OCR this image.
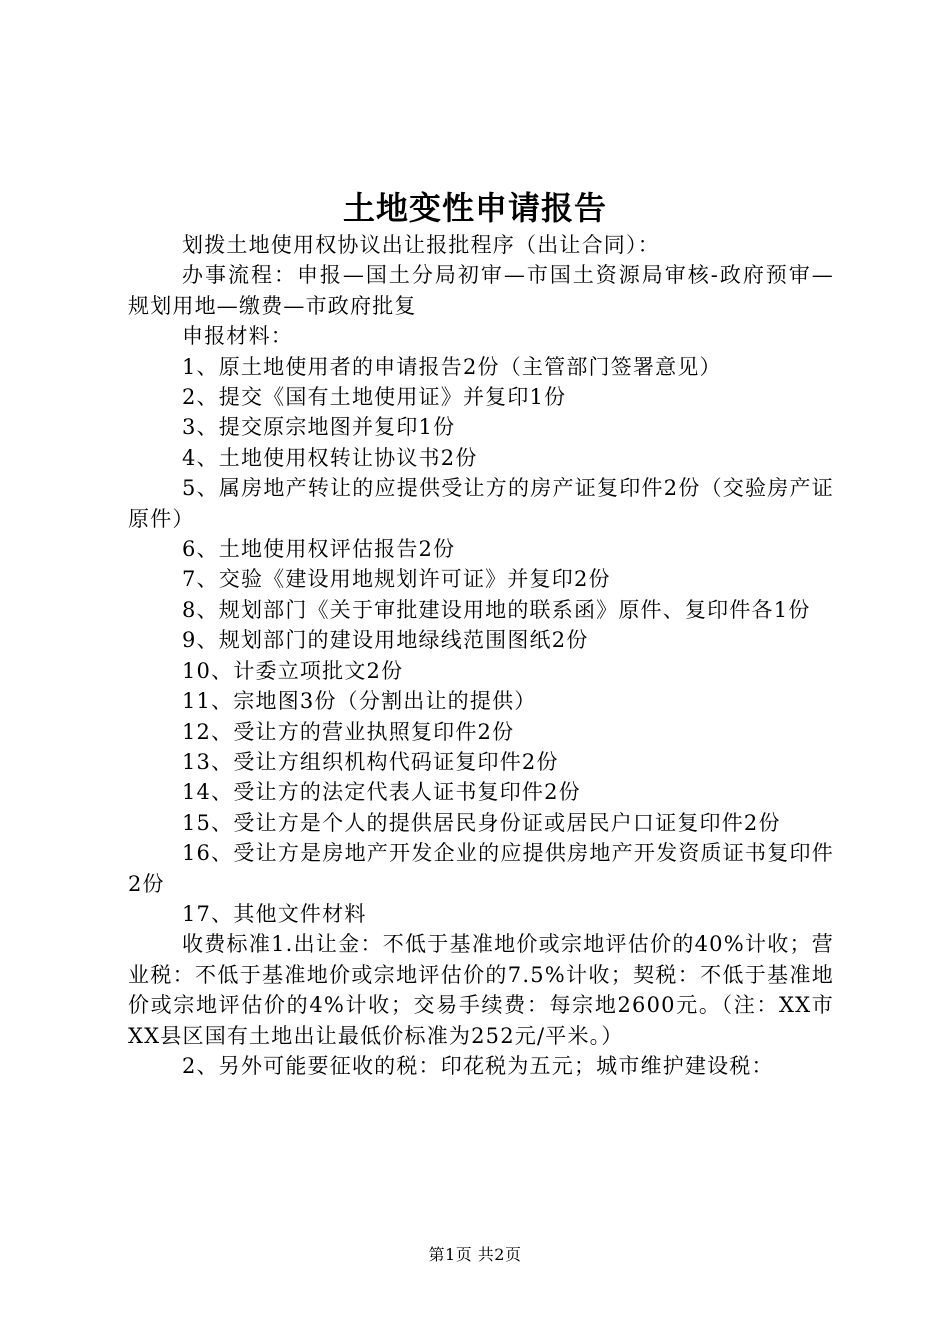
土地变性申请报告

划拨土地使用权协议出让报批程序（出让合同）：

办事流程：申报—国土分局初审—市国土资源局审核-政府预审—规划用地—缴费—市政府批复

申报材料：

1、原土地使用者的申请报告2份（主管部门签署意见）

2、提交《国有土地使用证》并复印1份

3、提交原宗地图并复印1份

4、土地使用权转让协议书2份

5、属房地产转让的应提供受让方的房产证复印件2份（交验房产证原件）

6、土地使用权评估报告2份

7、交验《建设用地规划许可证》并复印2份

8、规划部门《关于审批建设用地的联系函》原件、复印件各1份

9、规划部门的建设用地绿线范围图纸2份

10、计委立项批文2份

11、宗地图3份（分割出让的提供）

12、受让方的营业执照复印件2份

13、受让方组织机构代码证复印件2份

14、受让方的法定代表人证书复印件2份

15、受让方是个人的提供居民身份证或居民户口证复印件2份

16、受让方是房地产开发企业的应提供房地产开发资质证书复印件2份

17、其他文件材料

收费标准1.出让金：不低于基准地价或宗地评估价的40%计收；营业税：不低于基准地价或宗地评估价的7.5%计收；契税：不低于基准地价或宗地评估价的4%计收；交易手续费：每宗地2600元。（注：XX市XX县区国有土地出让最低价标准为252元/平米。）

2、另外可能要征收的税：印花税为五元；城市维护建设税：

第1页 共2页
